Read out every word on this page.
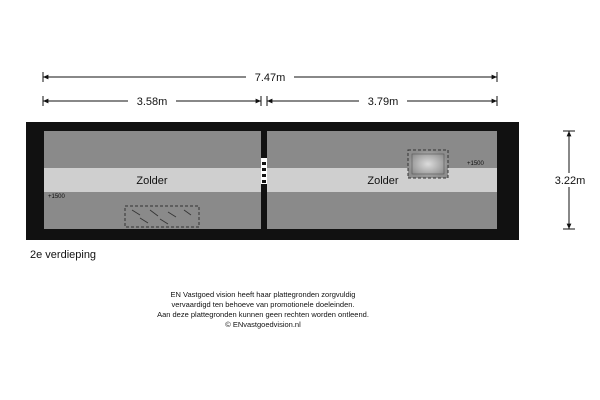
7.47m
3.58m	3.79m
3.22m
Zolder
+1500
Zolder
+1500
2e verdieping
EN Vastgoed vision heeft haar plattegronden zorgvuldig
vervaardigd ten behoeve van promotionele doeleinden.
Aan deze plattegronden kunnen geen rechten worden ontleend.
© ENvastgoedvision.nl
